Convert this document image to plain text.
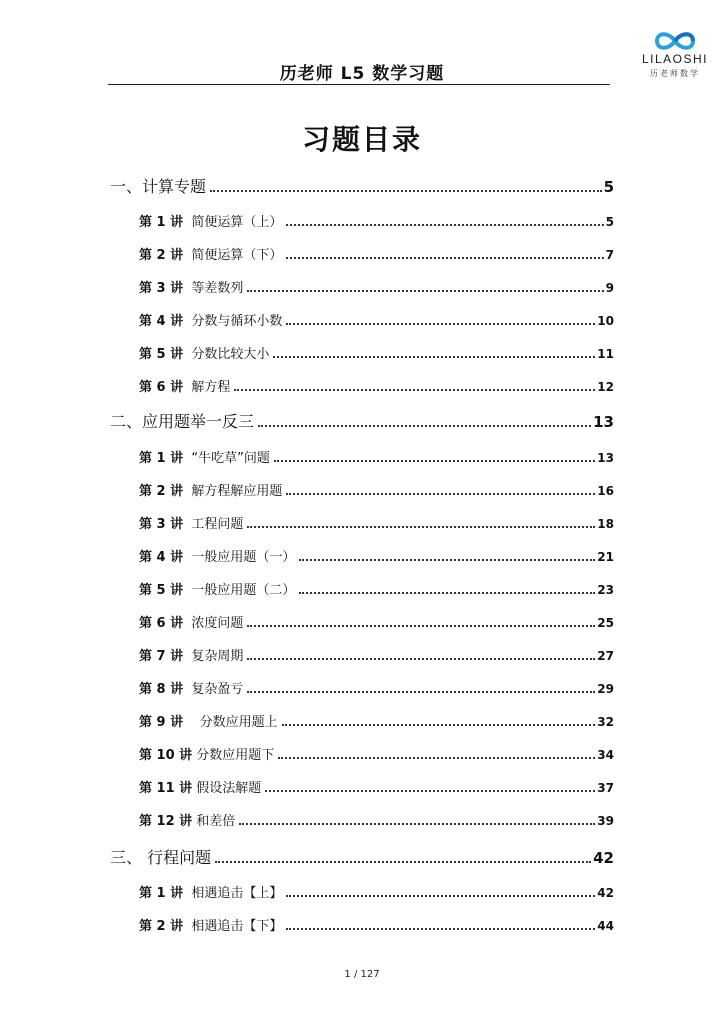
历老师 L5 数学习题
LILAOSHI
历老师数学
习题目录
一、计算专题	5
第 1 讲 简便运算（上）	5
第 2 讲 简便运算（下）	7
第 3 讲 等差数列	9
第 4 讲 分数与循环小数	10
第 5 讲 分数比较大小	11
第 6 讲 解方程	12
二、应用题举一反三	13
第 1 讲 “牛吃草”问题	13
第 2 讲 解方程解应用题	16
第 3 讲 工程问题	18
第 4 讲 一般应用题（一）	21
第 5 讲 一般应用题（二）	23
第 6 讲 浓度问题	25
第 7 讲 复杂周期	27
第 8 讲 复杂盈亏	29
第 9 讲 分数应用题上	32
第 10 讲 分数应用题下	34
第 11 讲 假设法解题	37
第 12 讲 和差倍	39
三、 行程问题	42
第 1 讲 相遇追击【上】	42
第 2 讲 相遇追击【下】	44
1 / 127
